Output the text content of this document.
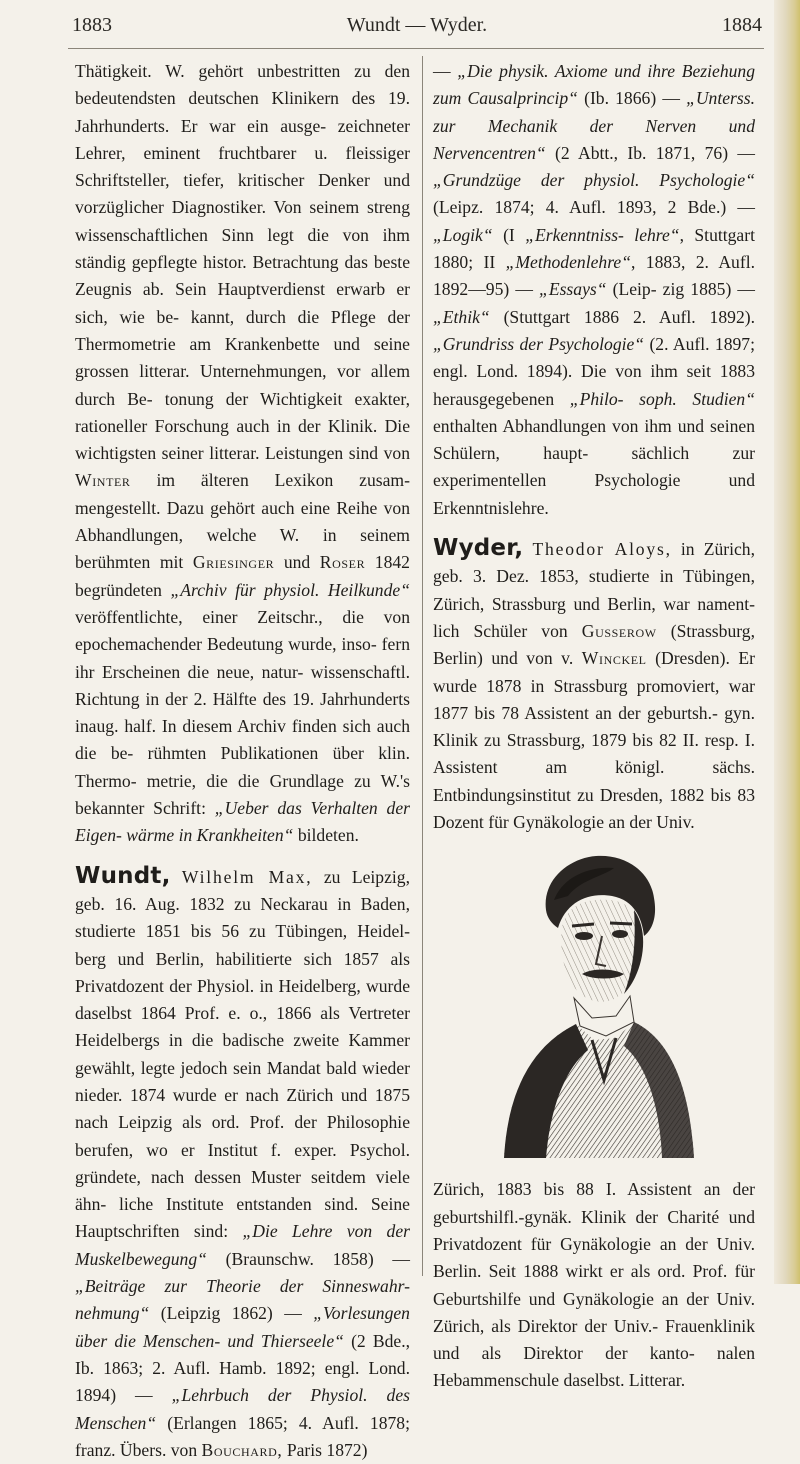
1883	Wundt — Wyder.	1884

Thätigkeit. W. gehört unbestritten zu den bedeutendsten deutschen Klinikern des 19. Jahrhunderts. Er war ein ausge- zeichneter Lehrer, eminent fruchtbarer u. fleissiger Schriftsteller, tiefer, kritischer Denker und vorzüglicher Diagnostiker. Von seinem streng wissenschaftlichen Sinn legt die von ihm ständig gepflegte histor. Betrachtung das beste Zeugnis ab. Sein Hauptverdienst erwarb er sich, wie be- kannt, durch die Pflege der Thermometrie am Krankenbette und seine grossen litterar. Unternehmungen, vor allem durch Be- tonung der Wichtigkeit exakter, rationeller Forschung auch in der Klinik. Die wichtigsten seiner litterar. Leistungen sind von Winter im älteren Lexikon zusam- mengestellt. Dazu gehört auch eine Reihe von Abhandlungen, welche W. in seinem berühmten mit Griesinger und Roser 1842 begründeten „Archiv für physiol. Heilkunde“ veröffentlichte, einer Zeitschr., die von epochemachender Bedeutung wurde, inso- fern ihr Erscheinen die neue, natur- wissenschaftl. Richtung in der 2. Hälfte des 19. Jahrhunderts inaug. half. In diesem Archiv finden sich auch die be- rühmten Publikationen über klin. Thermo- metrie, die die Grundlage zu W.'s bekannter Schrift: „Ueber das Verhalten der Eigen- wärme in Krankheiten“ bildeten.

Wundt, Wilhelm Max, zu Leipzig, geb. 16. Aug. 1832 zu Neckarau in Baden, studierte 1851 bis 56 zu Tübingen, Heidel- berg und Berlin, habilitierte sich 1857 als Privatdozent der Physiol. in Heidelberg, wurde daselbst 1864 Prof. e. o., 1866 als Vertreter Heidelbergs in die badische zweite Kammer gewählt, legte jedoch sein Mandat bald wieder nieder. 1874 wurde er nach Zürich und 1875 nach Leipzig als ord. Prof. der Philosophie berufen, wo er Institut f. exper. Psychol. gründete, nach dessen Muster seitdem viele ähn- liche Institute entstanden sind. Seine Hauptschriften sind: „Die Lehre von der Muskelbewegung“ (Braunschw. 1858) — „Beiträge zur Theorie der Sinneswahr- nehmung“ (Leipzig 1862) — „Vorlesungen über die Menschen- und Thierseele“ (2 Bde., Ib. 1863; 2. Aufl. Hamb. 1892; engl. Lond. 1894) — „Lehrbuch der Physiol. des Menschen“ (Erlangen 1865; 4. Aufl. 1878; franz. Übers. von Bouchard, Paris 1872)

— „Die physik. Axiome und ihre Beziehung zum Causalprincip“ (Ib. 1866) — „Unterss. zur Mechanik der Nerven und Nervencentren“ (2 Abtt., Ib. 1871, 76) — „Grundzüge der physiol. Psychologie“ (Leipz. 1874; 4. Aufl. 1893, 2 Bde.) — „Logik“ (I „Erkenntniss- lehre“, Stuttgart 1880; II „Methodenlehre“, 1883, 2. Aufl. 1892—95) — „Essays“ (Leip- zig 1885) — „Ethik“ (Stuttgart 1886 2. Aufl. 1892). „Grundriss der Psychologie“ (2. Aufl. 1897; engl. Lond. 1894). Die von ihm seit 1883 herausgegebenen „Philo- soph. Studien“ enthalten Abhandlungen von ihm und seinen Schülern, haupt- sächlich zur experimentellen Psychologie und Erkenntnislehre.

Wyder, Theodor Aloys, in Zürich, geb. 3. Dez. 1853, studierte in Tübingen, Zürich, Strassburg und Berlin, war nament- lich Schüler von Gusserow (Strassburg, Berlin) und von v. Winckel (Dresden). Er wurde 1878 in Strassburg promoviert, war 1877 bis 78 Assistent an der geburtsh.- gyn. Klinik zu Strassburg, 1879 bis 82 II. resp. I. Assistent am königl. sächs. Entbindungsinstitut zu Dresden, 1882 bis 83 Dozent für Gynäkologie an der Univ.

Zürich, 1883 bis 88 I. Assistent an der geburtshilfl.-gynäk. Klinik der Charité und Privatdozent für Gynäkologie an der Univ. Berlin. Seit 1888 wirkt er als ord. Prof. für Geburtshilfe und Gynäkologie an der Univ. Zürich, als Direktor der Univ.- Frauenklinik und als Direktor der kanto- nalen Hebammenschule daselbst. Litterar.
